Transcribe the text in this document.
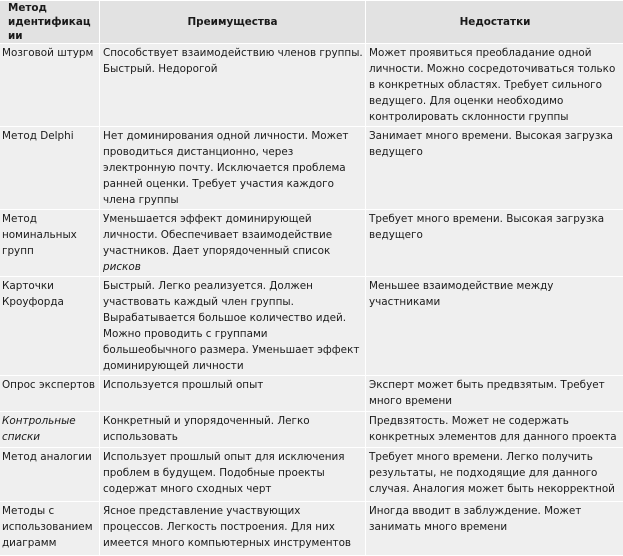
Метод
идентификации	Преимущества	Недостатки
Мозговой штурм	Способствует взаимодействию членов группы. Быстрый. Недорогой	Может проявиться преобладание одной личности. Можно сосредоточиваться только в конкретных областях. Требует сильного ведущего. Для оценки необходимо контролировать склонности группы
Метод Delphi	Нет доминирования одной личности. Может проводиться дистанционно, через электронную почту. Исключается проблема ранней оценки. Требует участия каждого члена группы	Занимает много времени. Высокая загрузка ведущего
Метод номинальных групп	Уменьшается эффект доминирующей личности. Обеспечивает взаимодействие участников. Дает упорядоченный список рисков	Требует много времени. Высокая загрузка ведущего
Карточки Кроуфорда	Быстрый. Легко реализуется. Должен участвовать каждый член группы. Вырабатывается большое количество идей. Можно проводить с группами большеобычного размера. Уменьшает эффект доминирующей личности	Меньшее взаимодействие между участниками
Опрос экспертов	Используется прошлый опыт	Эксперт может быть предвзятым. Требует много времени
Контрольные списки	Конкретный и упорядоченный. Легко использовать	Предвзятость. Может не содержать конкретных элементов для данного проекта
Метод аналогии	Использует прошлый опыт для исключения проблем в будущем. Подобные проекты содержат много сходных черт	Требует много времени. Легко получить результаты, не подходящие для данного случая. Аналогия может быть некорректной
Методы с использованием диаграмм	Ясное представление участвующих процессов. Легкость построения. Для них имеется много компьютерных инструментов	Иногда вводит в заблуждение. Может занимать много времени
